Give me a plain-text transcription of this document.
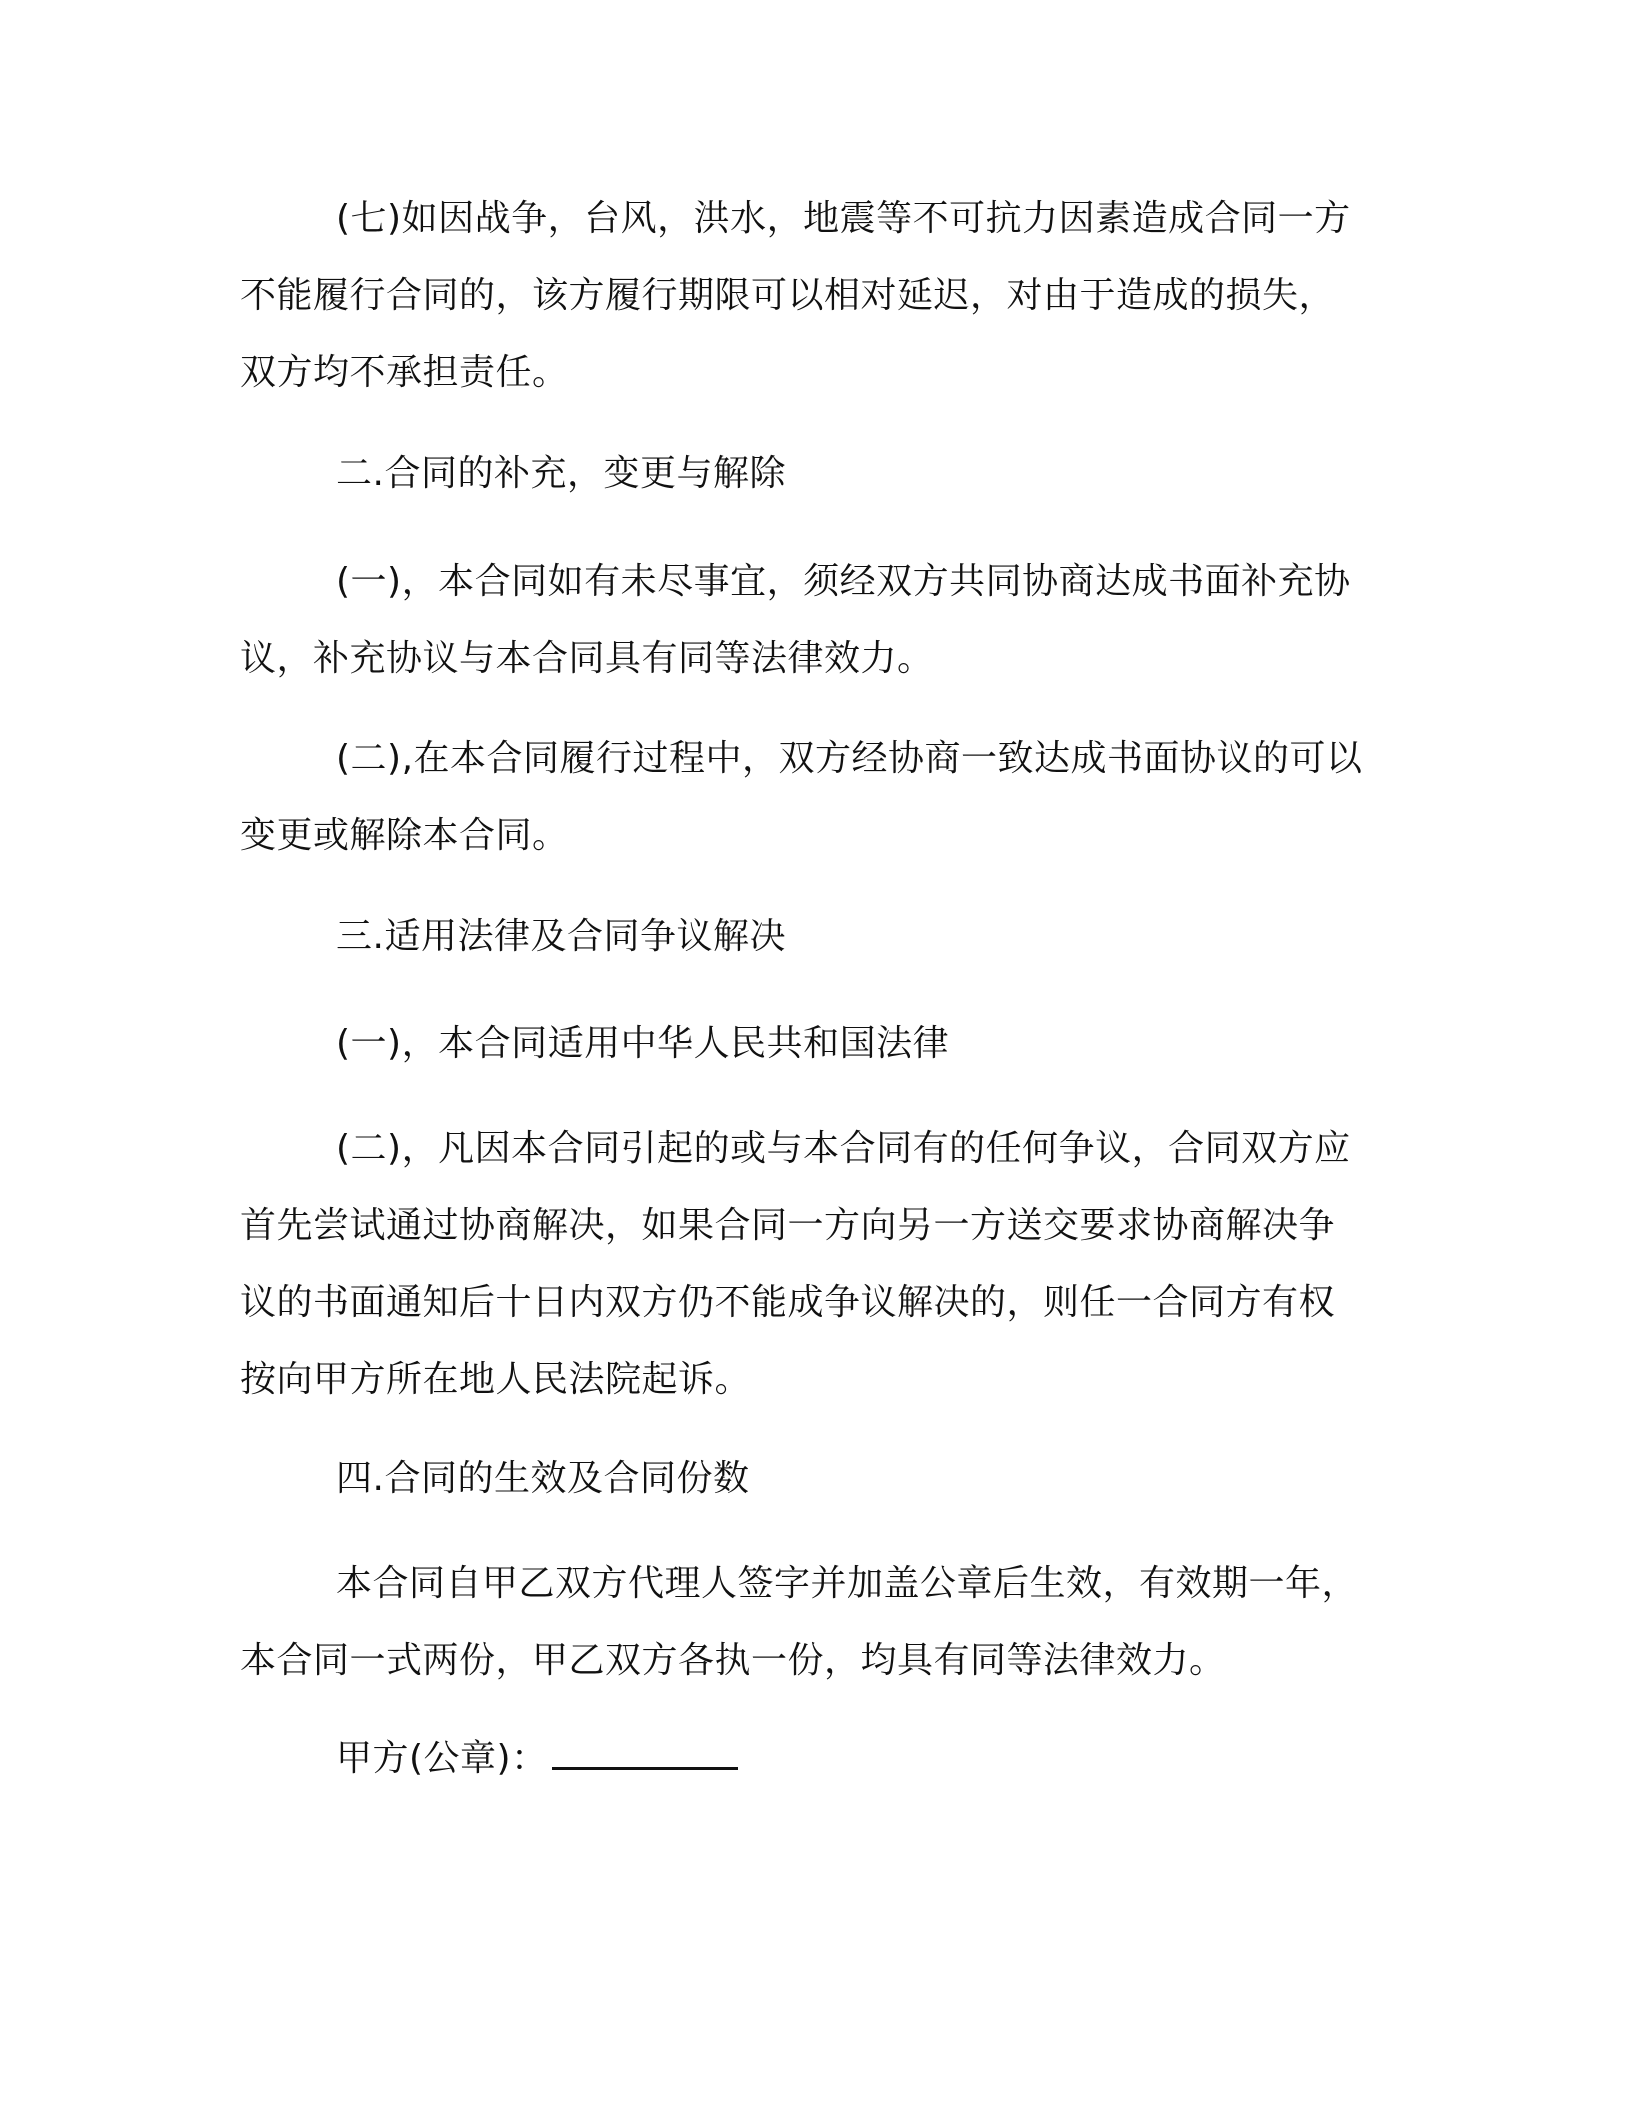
(七)如因战争，台风，洪水，地震等不可抗力因素造成合同一方
不能履行合同的，该方履行期限可以相对延迟，对由于造成的损失，
双方均不承担责任。
二.合同的补充，变更与解除
(一)，本合同如有未尽事宜，须经双方共同协商达成书面补充协
议，补充协议与本合同具有同等法律效力。
(二),在本合同履行过程中，双方经协商一致达成书面协议的可以
变更或解除本合同。
三.适用法律及合同争议解决
(一)，本合同适用中华人民共和国法律
(二)，凡因本合同引起的或与本合同有的任何争议，合同双方应
首先尝试通过协商解决，如果合同一方向另一方送交要求协商解决争
议的书面通知后十日内双方仍不能成争议解决的，则任一合同方有权
按向甲方所在地人民法院起诉。
四.合同的生效及合同份数
本合同自甲乙双方代理人签字并加盖公章后生效，有效期一年，
本合同一式两份，甲乙双方各执一份，均具有同等法律效力。
甲方(公章)：
